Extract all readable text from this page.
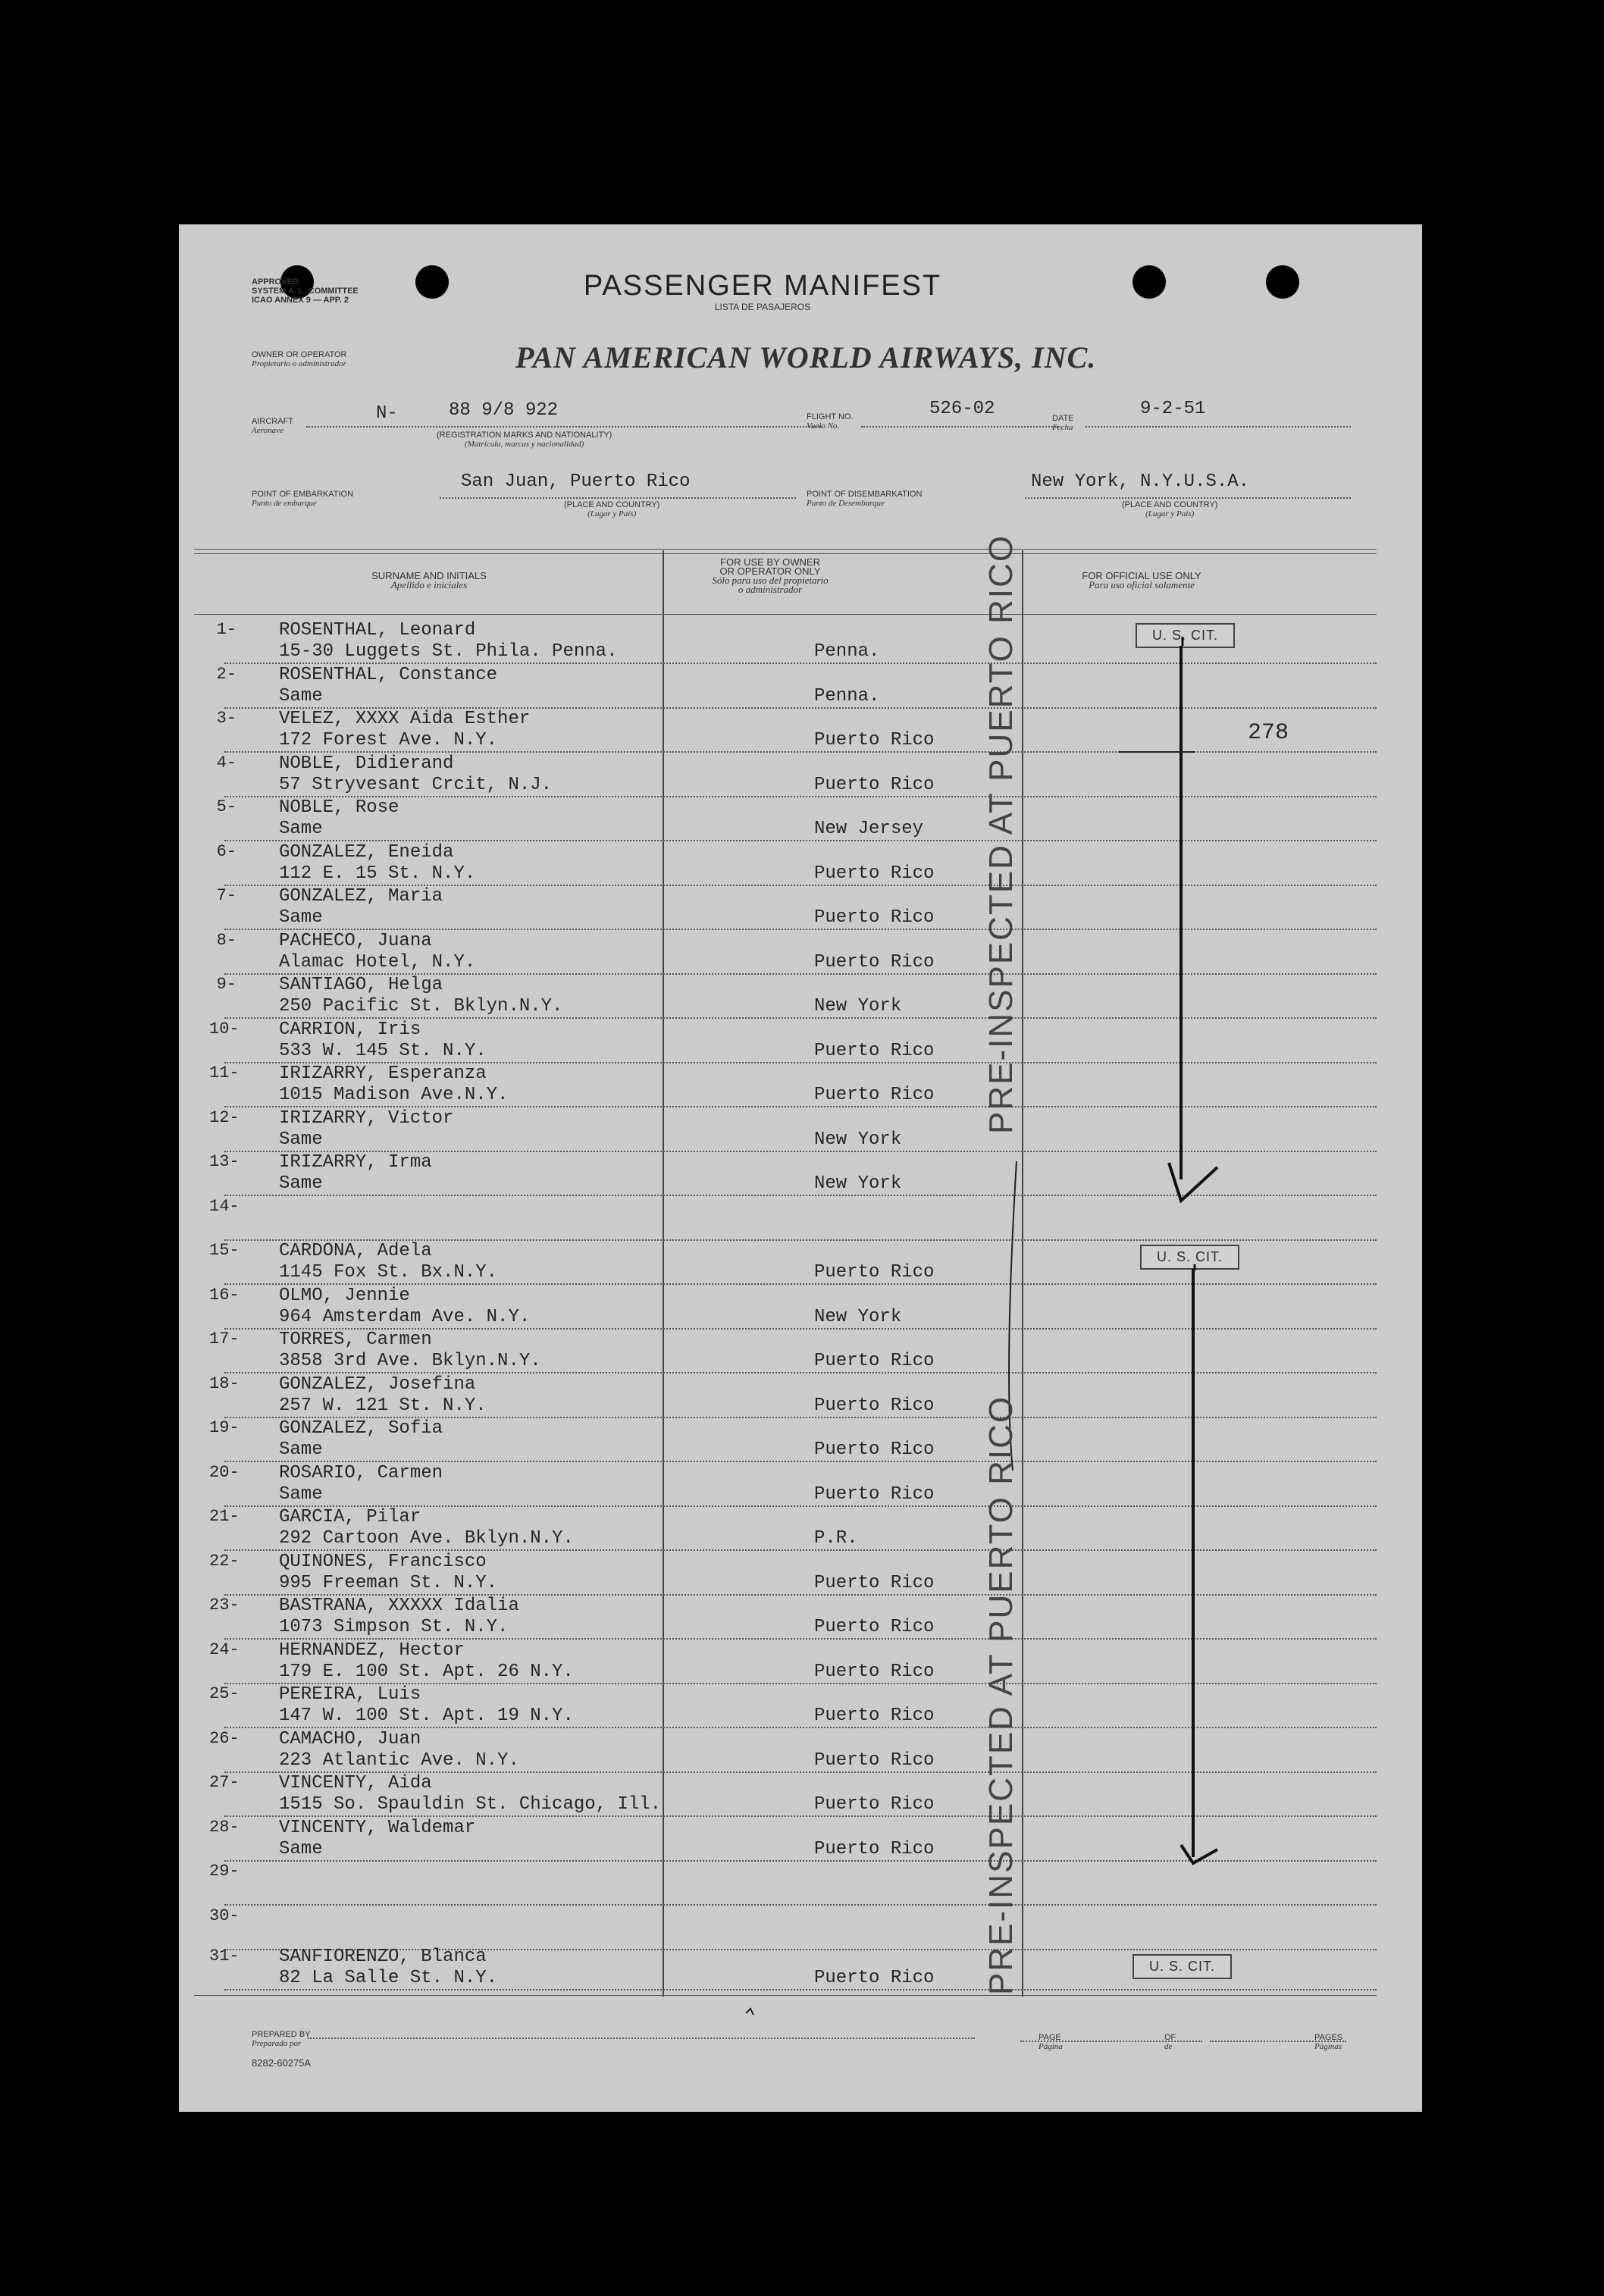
APPROVED
SYSTEM A. L. COMMITTEE
ICAO ANNEX 9 — APP. 2	PASSENGER MANIFEST
LISTA DE PASAJEROS
OWNER OR OPERATOR
Propietario o administrador	PAN AMERICAN WORLD AIRWAYS, INC.
AIRCRAFT
Aeronave
N-	88 9/8 922
(REGISTRATION MARKS AND NATIONALITY)
(Matrícula, marcas y nacionalidad)
FLIGHT NO.
Vuelo No.
526-02	DATE
Fecha
9-2-51
POINT OF EMBARKATION
Punto de embarque
San Juan, Puerto Rico
(PLACE AND COUNTRY)
(Lugar y País)
POINT OF DISEMBARKATION
Punto de Desembarque
New York, N.Y.U.S.A.
(PLACE AND COUNTRY)
(Lugar y País)
SURNAME AND INITIALS
Apellido e iniciales
FOR USE BY OWNER
OR OPERATOR ONLY
Sólo para uso del propietario
o administrador
FOR OFFICIAL USE ONLY
Para uso oficial solamente
1- ROSENTHAL, Leonard
15-30 Luggets St. Phila. Penna.	Penna.
2- ROSENTHAL, Constance
Same	Penna.
3- VELEZ, XXXX Aida Esther
172 Forest Ave. N.Y.	Puerto Rico
4- NOBLE, Didierand
57 Stryvesant Crcit, N.J.	Puerto Rico
5- NOBLE, Rose
Same	New Jersey
6- GONZALEZ, Eneida
112 E. 15 St. N.Y.	Puerto Rico
7- GONZALEZ, Maria
Same	Puerto Rico
8- PACHECO, Juana
Alamac Hotel, N.Y.	Puerto Rico
9- SANTIAGO, Helga
250 Pacific St. Bklyn.N.Y.	New York
10- CARRION, Iris
533 W. 145 St. N.Y.	Puerto Rico
11- IRIZARRY, Esperanza
1015 Madison Ave.N.Y.	Puerto Rico
12- IRIZARRY, Victor
Same	New York
13- IRIZARRY, Irma
Same	New York
14-
15- CARDONA, Adela
1145 Fox St. Bx.N.Y.	Puerto Rico
16- OLMO, Jennie
964 Amsterdam Ave. N.Y.	New York
17- TORRES, Carmen
3858 3rd Ave. Bklyn.N.Y.	Puerto Rico
18- GONZALEZ, Josefina
257 W. 121 St. N.Y.	Puerto Rico
19- GONZALEZ, Sofia
Same	Puerto Rico
20- ROSARIO, Carmen
Same	Puerto Rico
21- GARCIA, Pilar
292 Cartoon Ave. Bklyn.N.Y.	P.R.
22- QUINONES, Francisco
995 Freeman St. N.Y.	Puerto Rico
23- BASTRANA, XXXXX Idalia
1073 Simpson St. N.Y.	Puerto Rico
24- HERNANDEZ, Hector
179 E. 100 St. Apt. 26 N.Y.	Puerto Rico
25- PEREIRA, Luis
147 W. 100 St. Apt. 19 N.Y.	Puerto Rico
26- CAMACHO, Juan
223 Atlantic Ave. N.Y.	Puerto Rico
27- VINCENTY, Aida
1515 So. Spauldin St. Chicago, Ill.	Puerto Rico
28- VINCENTY, Waldemar
Same	Puerto Rico
29-
30-
31- SANFIORENZO, Blanca
82 La Salle St. N.Y.	Puerto Rico
U. S. CIT.
278
U. S. CIT.
U. S. CIT.
PRE-INSPECTED AT PUERTO RICO
PRE-INSPECTED AT PUERTO RICO
PREPARED BY
Preparado por
PAGE
Página
OF
de
PAGES
Páginas
8282-60275A
